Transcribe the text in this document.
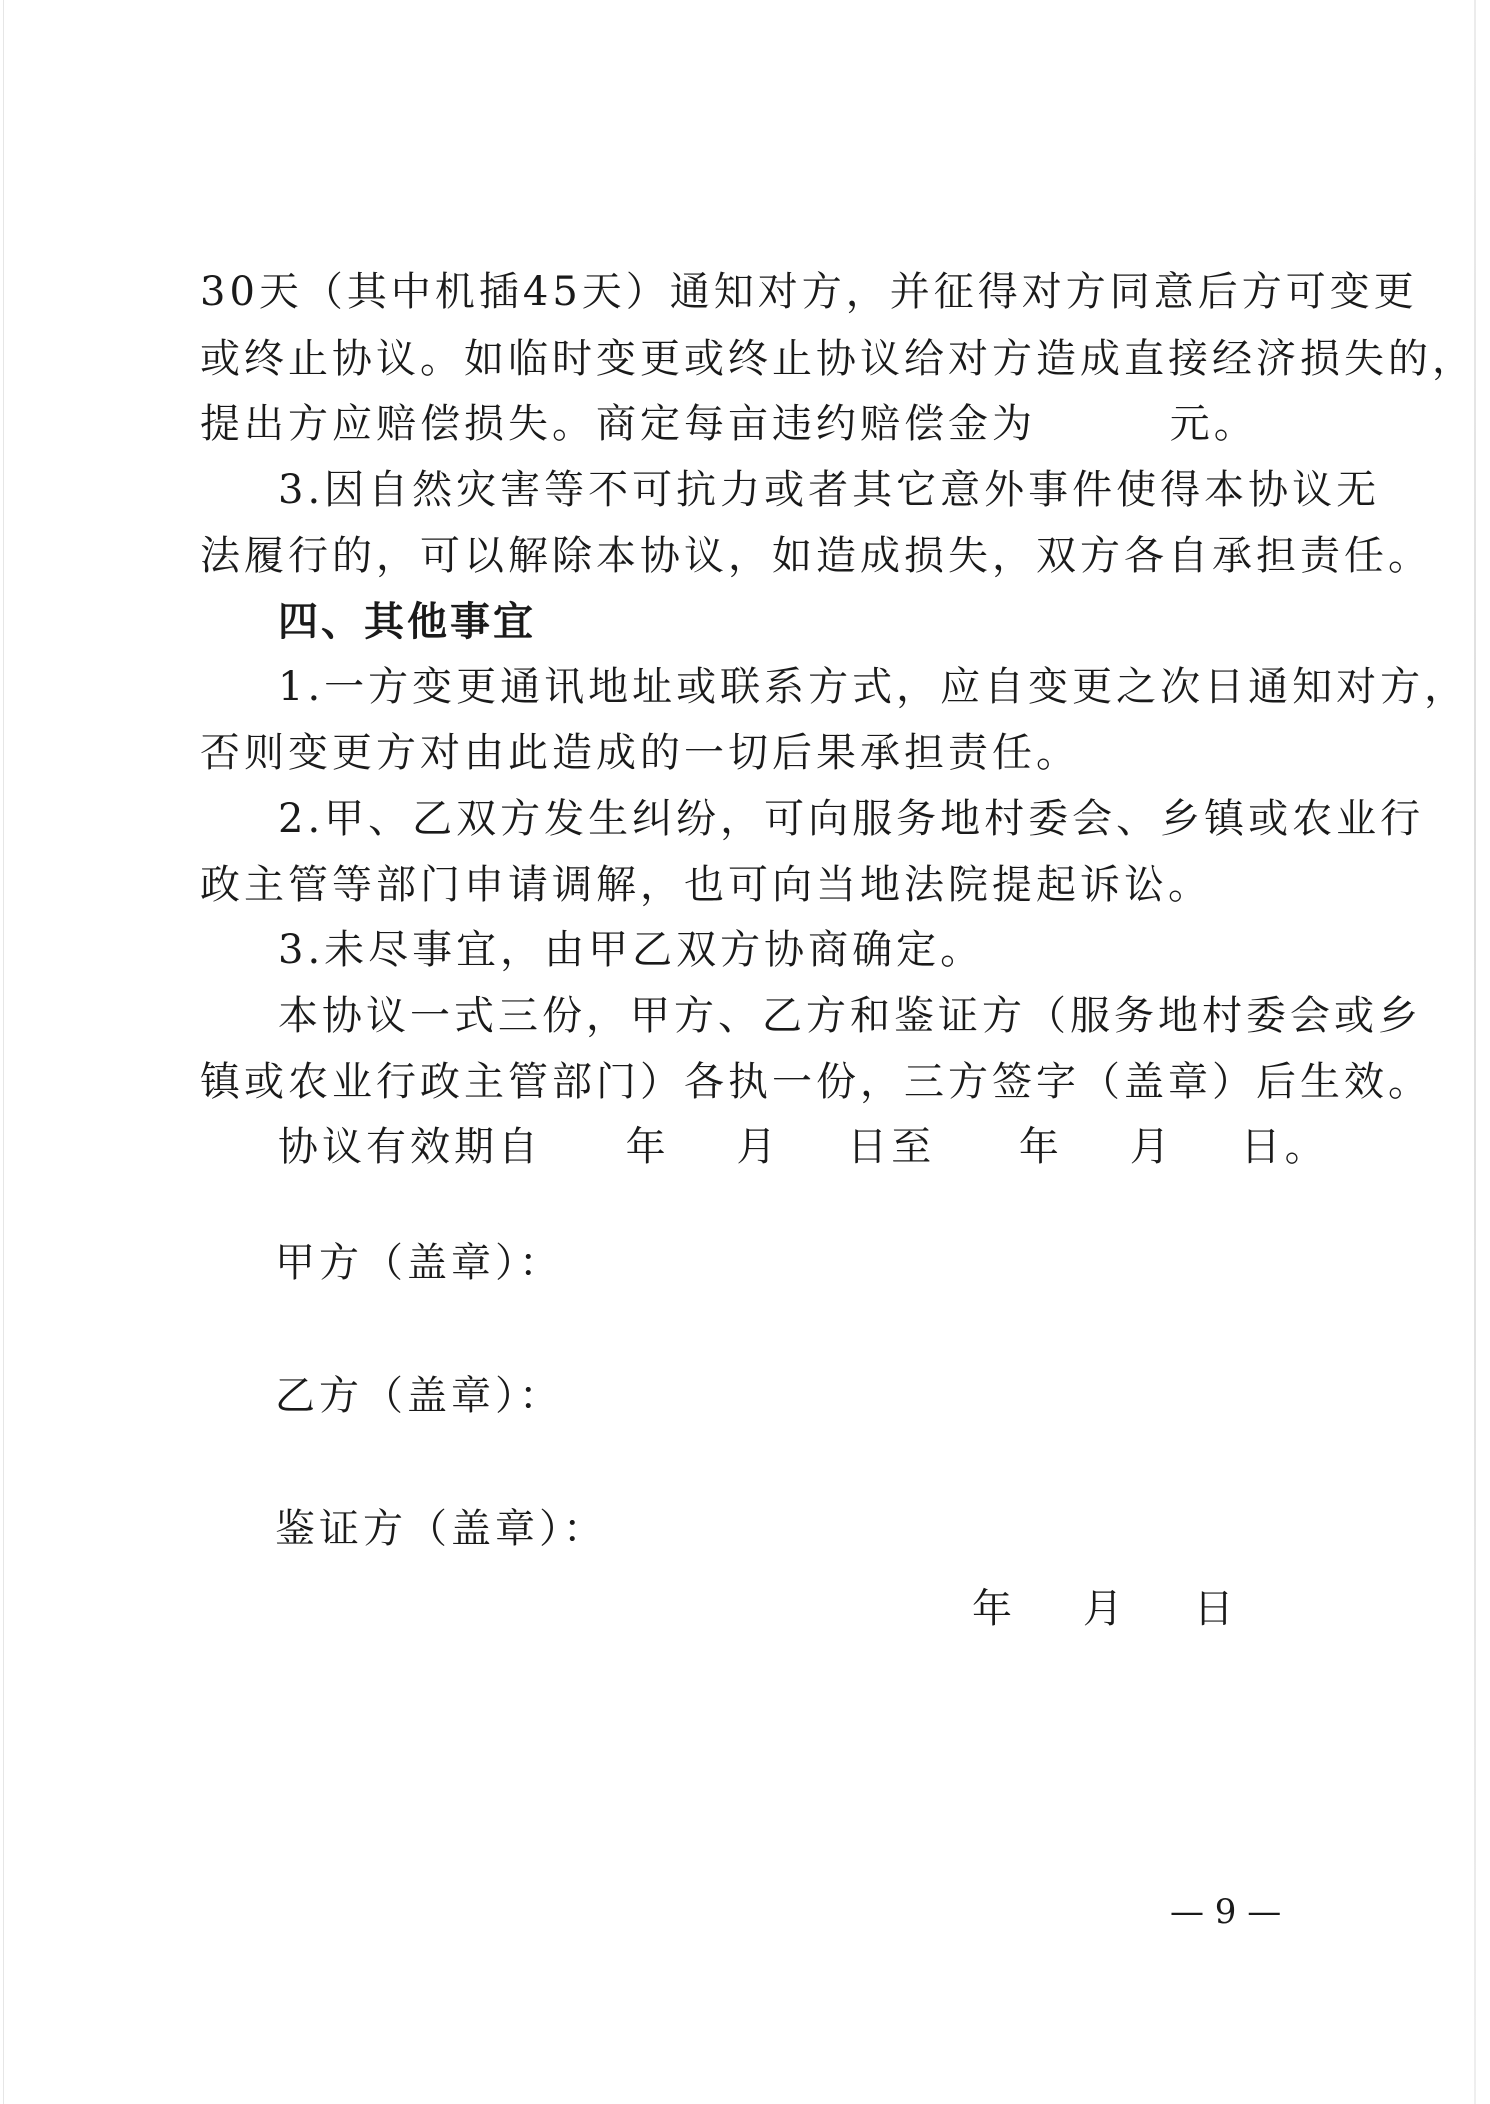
30天（其中机插45天）通知对方，并征得对方同意后方可变更
或终止协议。如临时变更或终止协议给对方造成直接经济损失的，
提出方应赔偿损失。商定每亩违约赔偿金为        元。
3.因自然灾害等不可抗力或者其它意外事件使得本协议无
法履行的，可以解除本协议，如造成损失，双方各自承担责任。
四、其他事宜
1.一方变更通讯地址或联系方式，应自变更之次日通知对方，
否则变更方对由此造成的一切后果承担责任。
2.甲、乙双方发生纠纷，可向服务地村委会、乡镇或农业行
政主管等部门申请调解，也可向当地法院提起诉讼。
3.未尽事宜，由甲乙双方协商确定。
本协议一式三份，甲方、乙方和鉴证方（服务地村委会或乡
镇或农业行政主管部门）各执一份，三方签字（盖章）后生效。
协议有效期自     年    月    日至     年    月    日。
甲方（盖章）：
乙方（盖章）：
鉴证方（盖章）：
年    月    日
— 9 —
